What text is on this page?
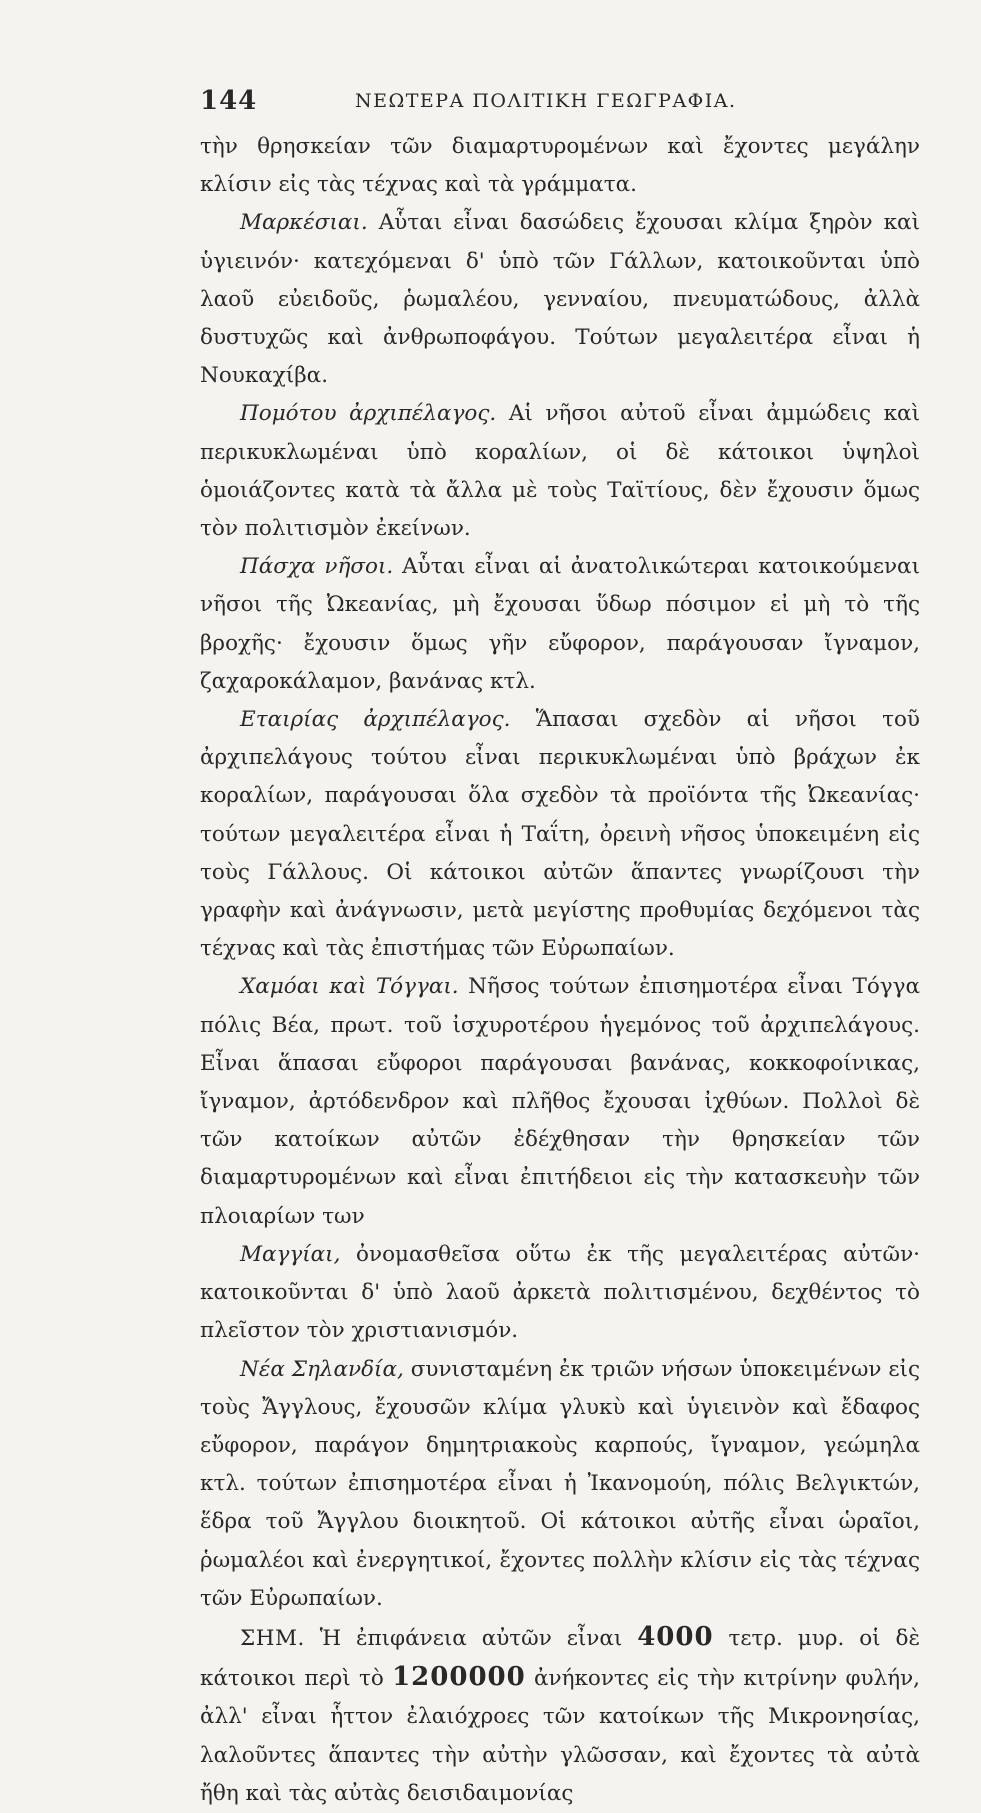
144	ΝΕΩΤΕΡΑ ΠΟΛΙΤΙΚΗ ΓΕΩΓΡΑΦΙΑ.

τὴν θρησκείαν τῶν διαμαρτυρομένων καὶ ἔχοντες μεγάλην κλίσιν εἰς τὰς τέχνας καὶ τὰ γράμματα.

Μαρκέσιαι. Αὗται εἶναι δασώδεις ἔχουσαι κλίμα ξηρὸν καὶ ὑγιεινόν· κατεχόμεναι δ' ὑπὸ τῶν Γάλλων, κατοικοῦνται ὑπὸ λαοῦ εὐειδοῦς, ῥωμαλέου, γενναίου, πνευματώδους, ἀλλὰ δυστυχῶς καὶ ἀνθρωποφάγου. Τούτων μεγαλειτέρα εἶναι ἡ Νουκαχίβα.

Πομότου ἀρχιπέλαγος. Αἱ νῆσοι αὐτοῦ εἶναι ἀμμώδεις καὶ περικυκλωμέναι ὑπὸ κοραλίων, οἱ δὲ κάτοικοι ὑψηλοὶ ὁμοιάζοντες κατὰ τὰ ἄλλα μὲ τοὺς Ταϊτίους, δὲν ἔχουσιν ὅμως τὸν πολιτισμὸν ἐκείνων.

Πάσχα νῆσοι. Αὗται εἶναι αἱ ἀνατολικώτεραι κατοικούμεναι νῆσοι τῆς Ὠκεανίας, μὴ ἔχουσαι ὕδωρ πόσιμον εἰ μὴ τὸ τῆς βροχῆς· ἔχουσιν ὅμως γῆν εὔφορον, παράγουσαν ἴγναμον, ζαχαροκάλαμον, βανάνας κτλ.

Εταιρίας ἀρχιπέλαγος. Ἅπασαι σχεδὸν αἱ νῆσοι τοῦ ἀρχιπελάγους τούτου εἶναι περικυκλωμέναι ὑπὸ βράχων ἐκ κοραλίων, παράγουσαι ὅλα σχεδὸν τὰ προϊόντα τῆς Ὠκεανίας· τούτων μεγαλειτέρα εἶναι ἡ Ταΐτη, ὀρεινὴ νῆσος ὑποκειμένη εἰς τοὺς Γάλλους. Οἱ κάτοικοι αὐτῶν ἅπαντες γνωρίζουσι τὴν γραφὴν καὶ ἀνάγνωσιν, μετὰ μεγίστης προθυμίας δεχόμενοι τὰς τέχνας καὶ τὰς ἐπιστήμας τῶν Εὐρωπαίων.

Χαμόαι καὶ Τόγγαι. Νῆσος τούτων ἐπισημοτέρα εἶναι Τόγγα πόλις Βέα, πρωτ. τοῦ ἰσχυροτέρου ἡγεμόνος τοῦ ἀρχιπελάγους. Εἶναι ἅπασαι εὔφοροι παράγουσαι βανάνας, κοκκοφοίνικας, ἴγναμον, ἀρτόδενδρον καὶ πλῆθος ἔχουσαι ἰχθύων. Πολλοὶ δὲ τῶν κατοίκων αὐτῶν ἐδέχθησαν τὴν θρησκείαν τῶν διαμαρτυρομένων καὶ εἶναι ἐπιτήδειοι εἰς τὴν κατασκευὴν τῶν πλοιαρίων των

Μαγγίαι, ὀνομασθεῖσα οὕτω ἐκ τῆς μεγαλειτέρας αὐτῶν· κατοικοῦνται δ' ὑπὸ λαοῦ ἀρκετὰ πολιτισμένου, δεχθέντος τὸ πλεῖστον τὸν χριστιανισμόν.

Νέα Σηλανδία, συνισταμένη ἐκ τριῶν νήσων ὑποκειμένων εἰς τοὺς Ἄγγλους, ἔχουσῶν κλίμα γλυκὺ καὶ ὑγιεινὸν καὶ ἔδαφος εὔφορον, παράγον δημητριακοὺς καρπούς, ἴγναμον, γεώμηλα κτλ. τούτων ἐπισημοτέρα εἶναι ἡ Ἰκανομούη, πόλις Βελγικτών, ἕδρα τοῦ Ἄγγλου διοικητοῦ. Οἱ κάτοικοι αὐτῆς εἶναι ὡραῖοι, ῥωμαλέοι καὶ ἐνεργητικοί, ἔχοντες πολλὴν κλίσιν εἰς τὰς τέχνας τῶν Εὐρωπαίων.

ΣΗΜ. Ἡ ἐπιφάνεια αὐτῶν εἶναι 4000 τετρ. μυρ. οἱ δὲ κάτοικοι περὶ τὸ 1200000 ἀνήκοντες εἰς τὴν κιτρίνην φυλήν, ἀλλ' εἶναι ἧττον ἐλαιόχροες τῶν κατοίκων τῆς Μικρονησίας, λαλοῦντες ἅπαντες τὴν αὐτὴν γλῶσσαν, καὶ ἔχοντες τὰ αὐτὰ ἤθη καὶ τὰς αὐτὰς δεισιδαιμονίας
